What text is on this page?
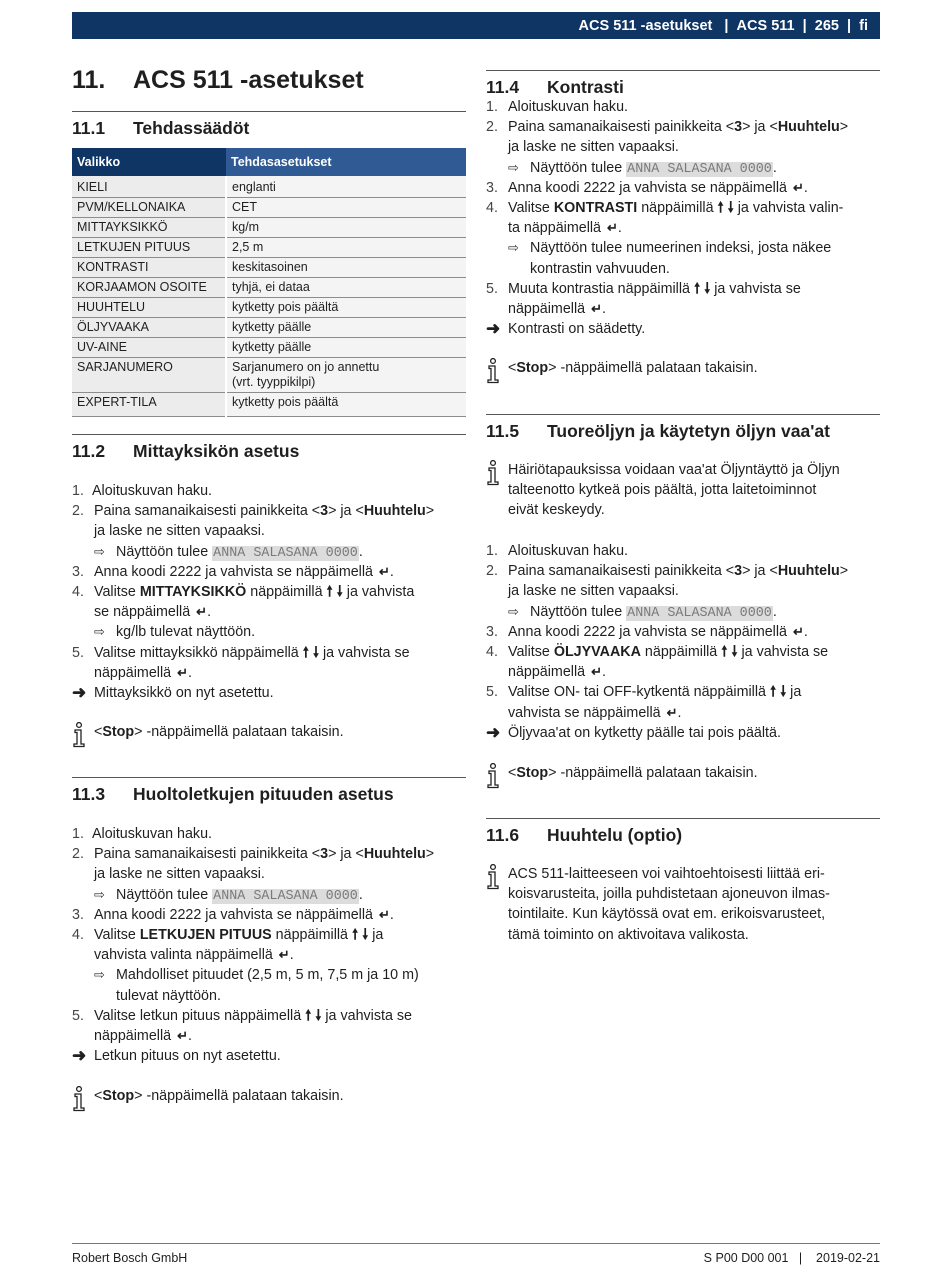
ACS 511 -asetukset | ACS 511 | 265 | fi
11. ACS 511 -asetukset
11.1 Tehdassäädöt
Valikko	Tehdasasetukset
KIELI	englanti
PVM/KELLONAIKA	CET
MITTAYKSIKKÖ	kg/m
LETKUJEN PITUUS	2,5 m
KONTRASTI	keskitasoinen
KORJAAMON OSOITE	tyhjä, ei dataa
HUUHTELU	kytketty pois päältä
ÖLJYVAAKA	kytketty päälle
UV-AINE	kytketty päälle
SARJANUMERO	Sarjanumero on jo annettu
(vrt. tyyppikilpi)
EXPERT-TILA	kytketty pois päältä
11.2 Mittayksikön asetus
1. Aloituskuvan haku.
2. Paina samanaikaisesti painikkeita <3> ja <Huuhtelu>
ja laske ne sitten vapaaksi.
⇨ Näyttöön tulee ANNA SALASANA 0000.
3. Anna koodi 2222 ja vahvista se näppäimellä ↵.
4. Valitse MITTAYKSIKKÖ näppäimillä 🠕 🠗 ja vahvista
se näppäimellä ↵.
⇨ kg/lb tulevat näyttöön.
5. Valitse mittayksikkö näppäimellä 🠕 🠗 ja vahvista se
näppäimellä ↵.
➜ Mittayksikkö on nyt asetettu.
<Stop> -näppäimellä palataan takaisin.
11.3 Huoltoletkujen pituuden asetus
1. Aloituskuvan haku.
2. Paina samanaikaisesti painikkeita <3> ja <Huuhtelu>
ja laske ne sitten vapaaksi.
⇨ Näyttöön tulee ANNA SALASANA 0000.
3. Anna koodi 2222 ja vahvista se näppäimellä ↵.
4. Valitse LETKUJEN PITUUS näppäimillä 🠕 🠗 ja
vahvista valinta näppäimellä ↵.
⇨ Mahdolliset pituudet (2,5 m, 5 m, 7,5 m ja 10 m)
tulevat näyttöön.
5. Valitse letkun pituus näppäimellä 🠕 🠗 ja vahvista se
näppäimellä ↵.
➜ Letkun pituus on nyt asetettu.
<Stop> -näppäimellä palataan takaisin.
11.4 Kontrasti
1. Aloituskuvan haku.
2. Paina samanaikaisesti painikkeita <3> ja <Huuhtelu>
ja laske ne sitten vapaaksi.
⇨ Näyttöön tulee ANNA SALASANA 0000.
3. Anna koodi 2222 ja vahvista se näppäimellä ↵.
4. Valitse KONTRASTI näppäimillä 🠕 🠗 ja vahvista valin-
ta näppäimellä ↵.
⇨ Näyttöön tulee numeerinen indeksi, josta näkee
kontrastin vahvuuden.
5. Muuta kontrastia näppäimillä 🠕 🠗 ja vahvista se
näppäimellä ↵.
➜ Kontrasti on säädetty.
<Stop> -näppäimellä palataan takaisin.
11.5 Tuoreöljyn ja käytetyn öljyn vaa'at
Häiriötapauksissa voidaan vaa'at Öljyntäyttö ja Öljyn
talteenotto kytkeä pois päältä, jotta laitetoiminnot
eivät keskeydy.
1. Aloituskuvan haku.
2. Paina samanaikaisesti painikkeita <3> ja <Huuhtelu>
ja laske ne sitten vapaaksi.
⇨ Näyttöön tulee ANNA SALASANA 0000.
3. Anna koodi 2222 ja vahvista se näppäimellä ↵.
4. Valitse ÖLJYVAAKA näppäimillä 🠕 🠗 ja vahvista se
näppäimellä ↵.
5. Valitse ON- tai OFF-kytkentä näppäimillä 🠕 🠗 ja
vahvista se näppäimellä ↵.
➜ Öljyvaa'at on kytketty päälle tai pois päältä.
<Stop> -näppäimellä palataan takaisin.
11.6 Huuhtelu (optio)
ACS 511-laitteeseen voi vaihtoehtoisesti liittää eri-
koisvarusteita, joilla puhdistetaan ajoneuvon ilmas-
tointilaite. Kun käytössä ovat em. erikoisvarusteet,
tämä toiminto on aktivoitava valikosta.
Robert Bosch GmbH	S P00 D00 001 | 2019-02-21
